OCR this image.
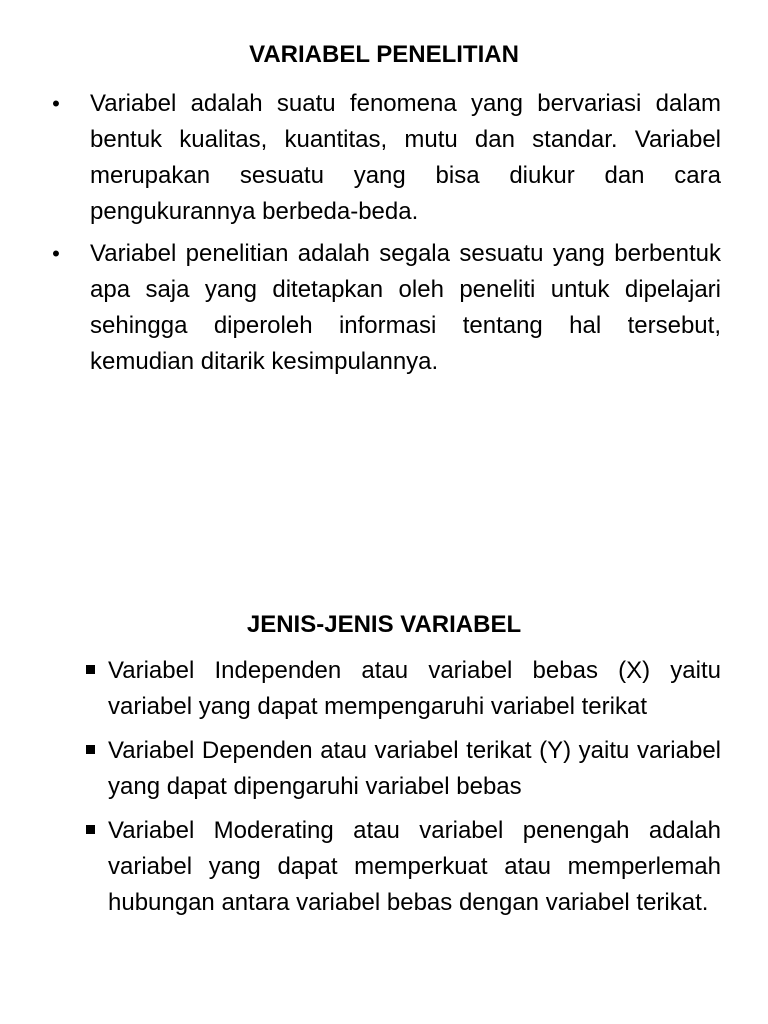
VARIABEL PENELITIAN
• Variabel adalah suatu fenomena yang bervariasi dalam bentuk kualitas, kuantitas, mutu dan standar. Variabel merupakan sesuatu yang bisa diukur dan cara pengukurannya berbeda-beda.
• Variabel penelitian adalah segala sesuatu yang berbentuk apa saja yang ditetapkan oleh peneliti untuk dipelajari sehingga diperoleh informasi tentang hal tersebut, kemudian ditarik kesimpulannya.
JENIS-JENIS VARIABEL
Variabel Independen atau variabel bebas (X) yaitu variabel yang dapat mempengaruhi variabel terikat
Variabel Dependen atau variabel terikat (Y) yaitu variabel yang dapat dipengaruhi variabel bebas
Variabel Moderating atau variabel penengah adalah variabel yang dapat memperkuat atau memperlemah hubungan antara variabel bebas dengan variabel terikat.
